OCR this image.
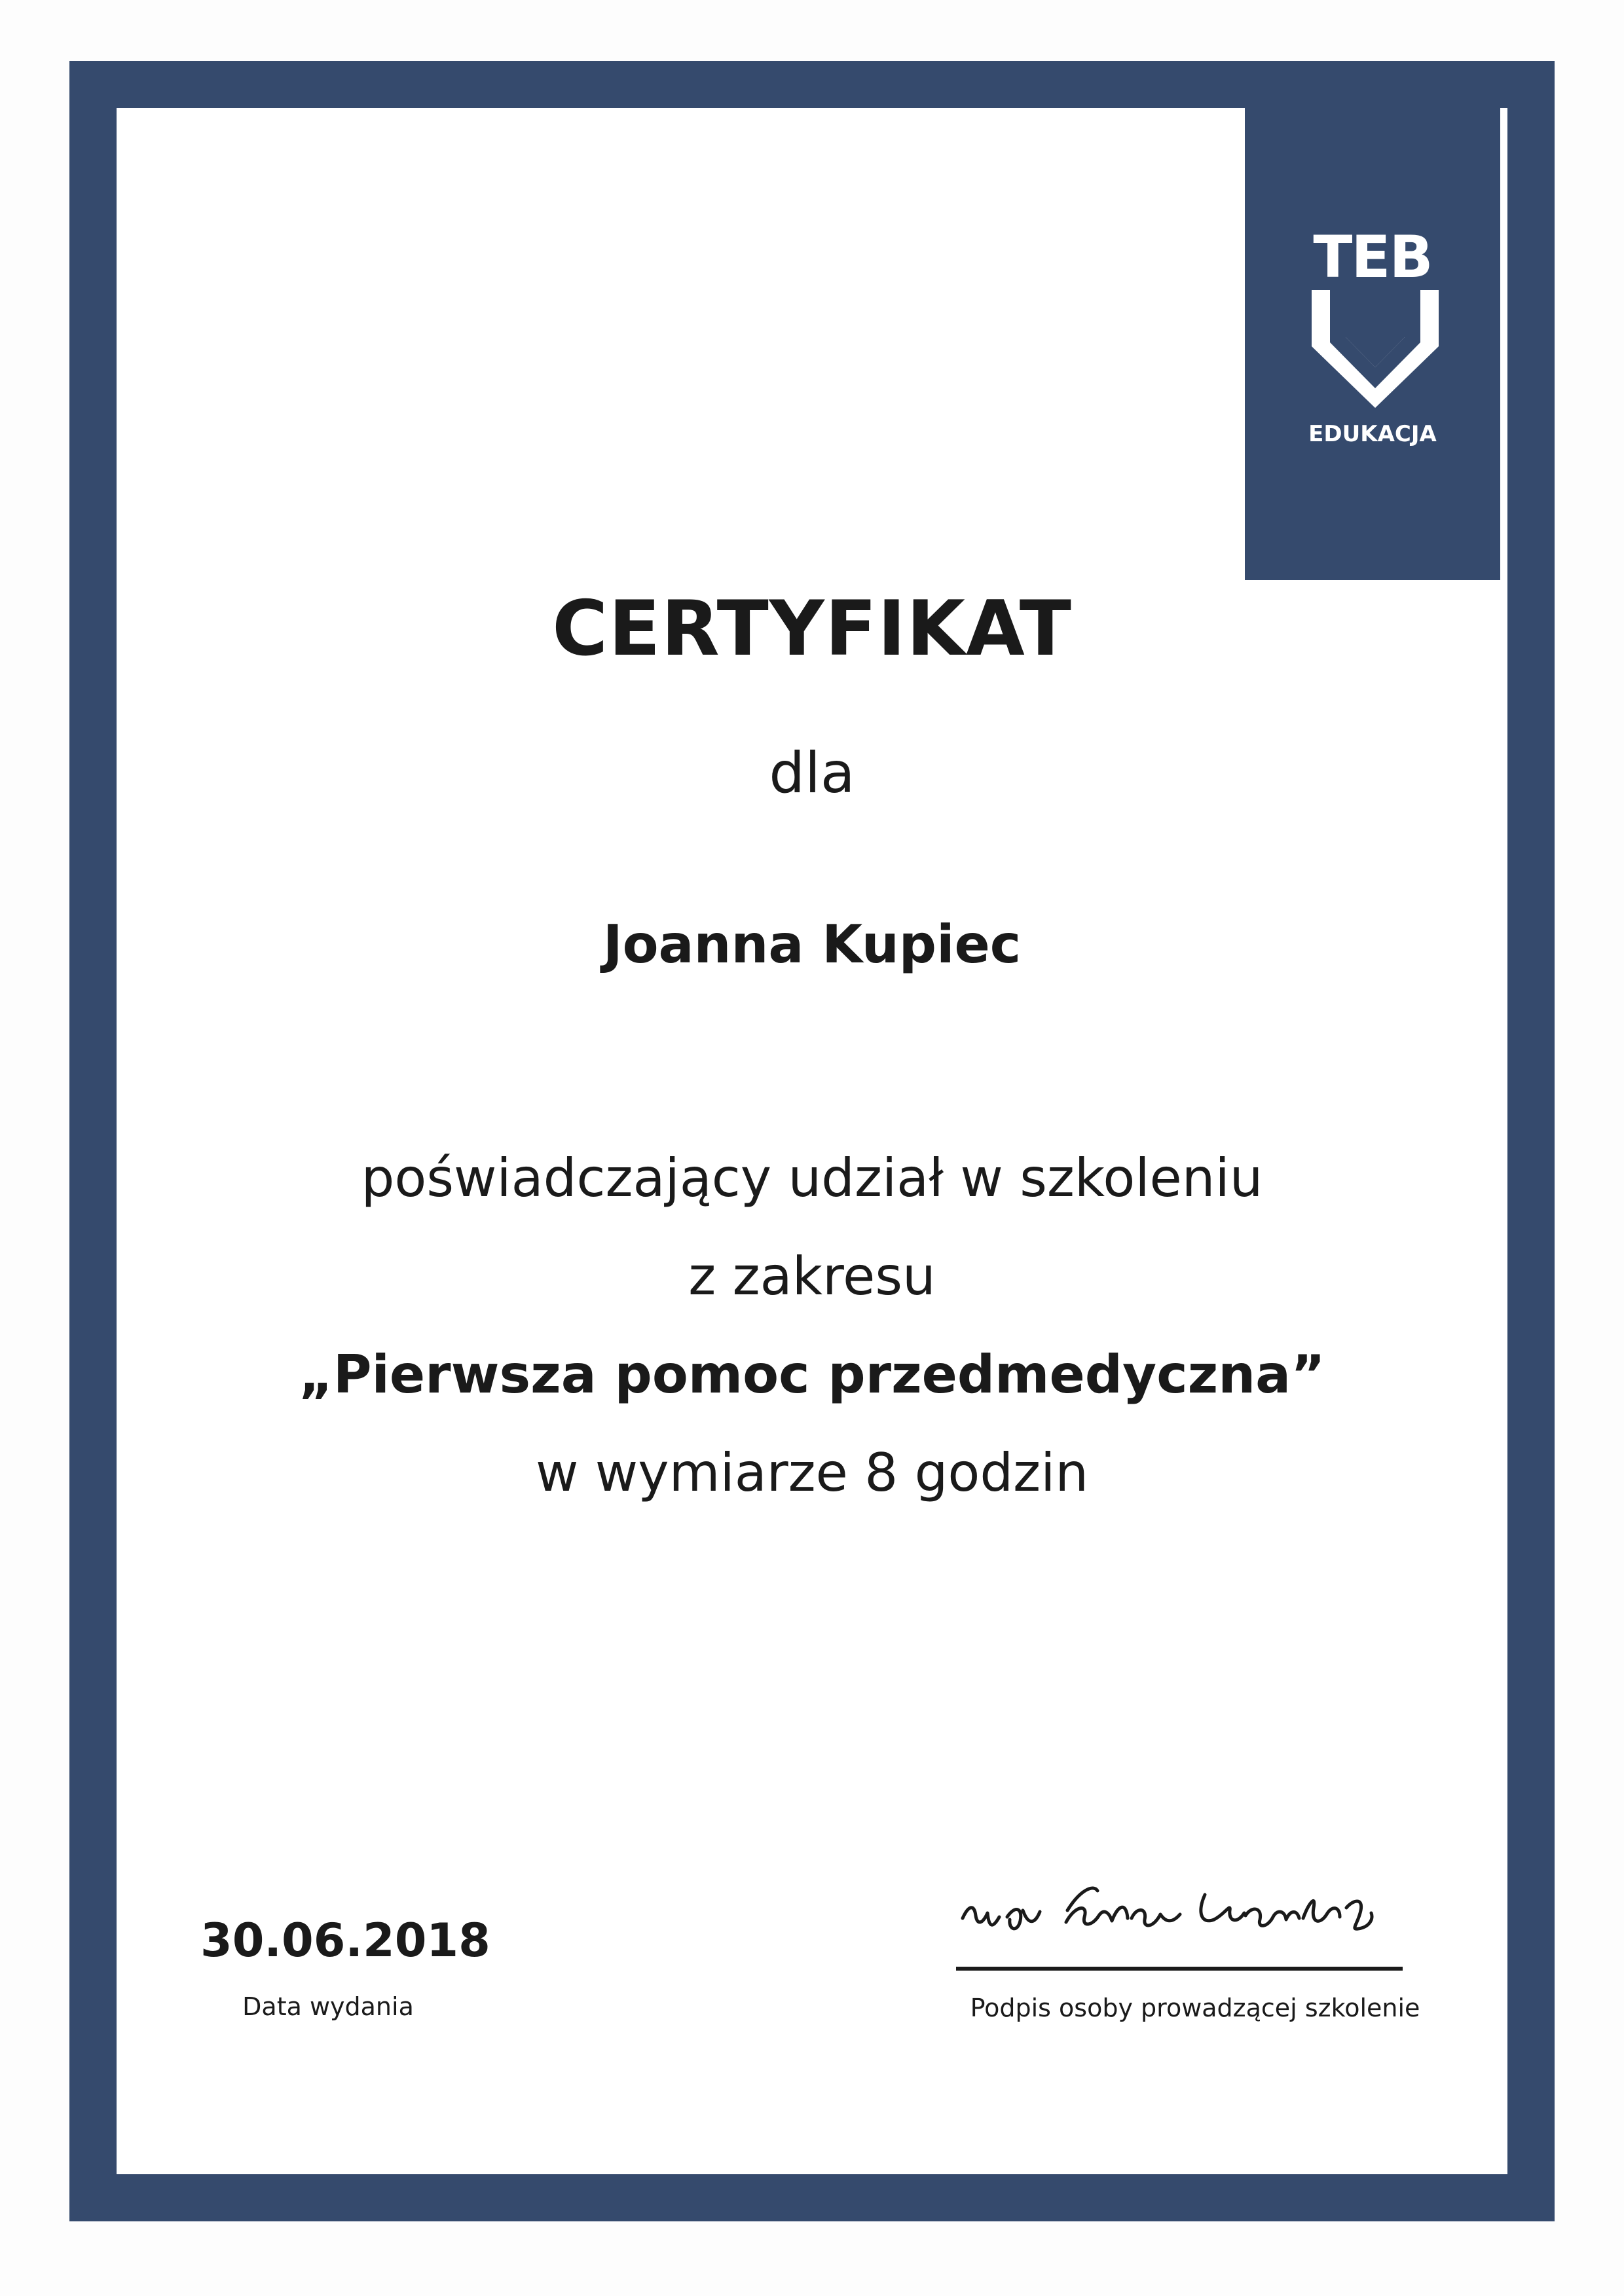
TEB
EDUKACJA
CERTYFIKAT
dla
Joanna Kupiec
poświadczający udział w szkoleniu
z zakresu
„Pierwsza pomoc przedmedyczna”
w wymiarze 8 godzin
30.06.2018
Data wydania	Podpis osoby prowadzącej szkolenie
